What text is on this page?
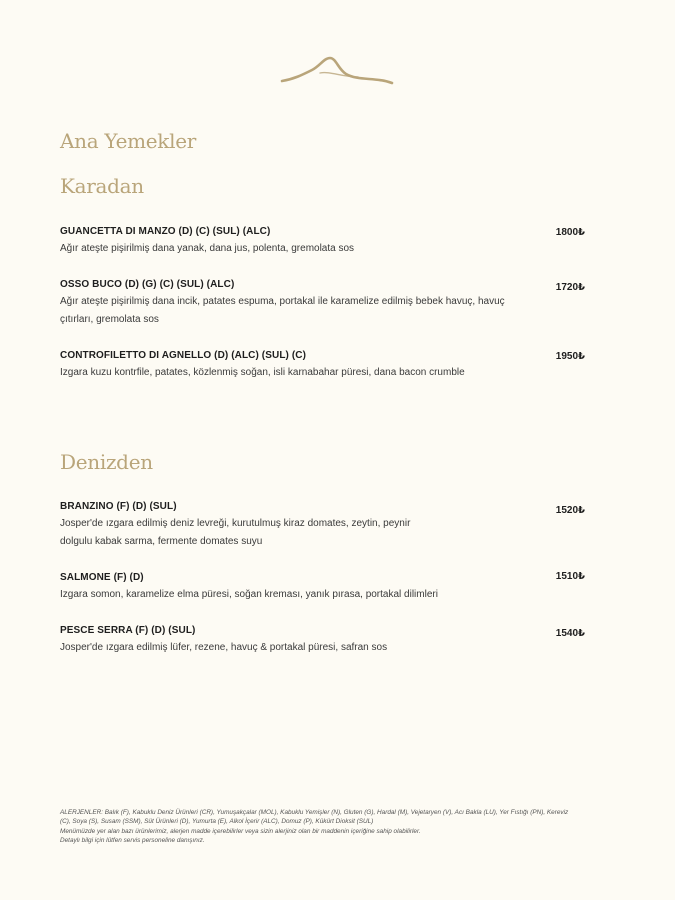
Ana Yemekler
Karadan
GUANCETTA DI MANZO (D) (C) (SUL) (ALC)
Ağır ateşte pişirilmiş dana yanak, dana jus, polenta, gremolata sos
1800₺
OSSO BUCO (D) (G) (C) (SUL) (ALC)
Ağır ateşte pişirilmiş dana incik, patates espuma, portakal ile karamelize edilmiş bebek havuç, havuç çıtırları, gremolata sos
1720₺
CONTROFILETTO DI AGNELLO (D) (ALC) (SUL) (C)
Izgara kuzu kontrfile, patates, közlenmiş soğan, isli karnabahar püresi, dana bacon crumble
1950₺
Denizden
BRANZINO (F) (D) (SUL)
Josper'de ızgara edilmiş deniz levreği, kurutulmuş kiraz domates, zeytin, peynir dolgulu kabak sarma, fermente domates suyu
1520₺
SALMONE (F) (D)
Izgara somon, karamelize elma püresi, soğan kreması, yanık pırasa, portakal dilimleri
1510₺
PESCE SERRA (F) (D) (SUL)
Josper'de ızgara edilmiş lüfer, rezene, havuç & portakal püresi, safran sos
1540₺
ALERJENLER: Balık (F), Kabuklu Deniz Ürünleri (CR), Yumuşakçalar (MOL), Kabuklu Yemişler (N), Gluten (G), Hardal (M), Vejetaryen (V), Acı Bakla (LU), Yer Fıstığı (PN), Kereviz (C), Soya (S), Susam (SSM), Süt Ürünleri (D), Yumurta (E), Alkol İçerir (ALC), Domuz (P), Kükürt Dioksit (SUL)
Menümüzde yer alan bazı ürünlerimiz, alerjen madde içerebilirler veya sizin alerjiniz olan bir maddenin içeriğine sahip olabilirler.
Detaylı bilgi için lütfen servis personeline danışınız.
